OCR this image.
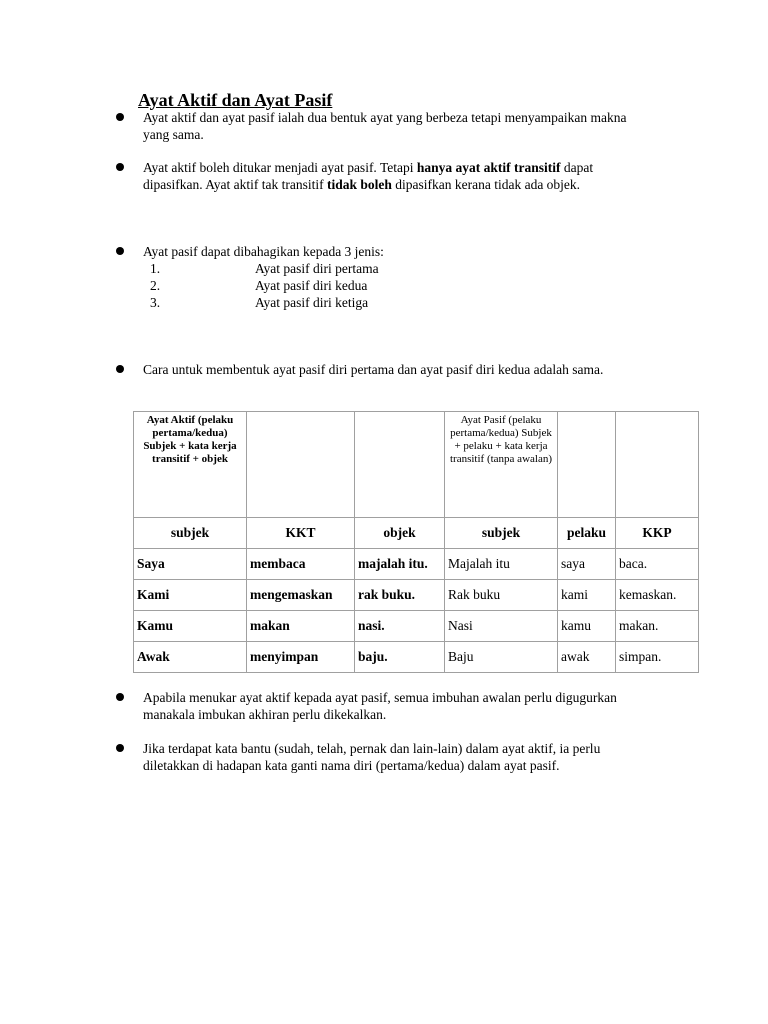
Ayat Aktif dan Ayat Pasif
Ayat aktif dan ayat pasif ialah dua bentuk ayat yang berbeza tetapi menyampaikan makna yang sama.
Ayat aktif boleh ditukar menjadi ayat pasif. Tetapi hanya ayat aktif transitif dapat dipasifkan. Ayat aktif tak transitif tidak boleh dipasifkan kerana tidak ada objek.
Ayat pasif dapat dibahagikan kepada 3 jenis:
1.	Ayat pasif diri pertama
2.	Ayat pasif diri kedua
3.	Ayat pasif diri ketiga
Cara untuk membentuk ayat pasif diri pertama dan ayat pasif diri kedua adalah sama.
Ayat Aktif (pelaku pertama/kedua) Subjek + kata kerja transitif + objek			Ayat Pasif (pelaku pertama/kedua) Subjek + pelaku + kata kerja transitif (tanpa awalan)		
subjek	KKT	objek	subjek	pelaku	KKP
Saya	membaca	majalah itu.	Majalah itu	saya	baca.
Kami	mengemaskan	rak buku.	Rak buku	kami	kemaskan.
Kamu	makan	nasi.	Nasi	kamu	makan.
Awak	menyimpan	baju.	Baju	awak	simpan.
Apabila menukar ayat aktif kepada ayat pasif, semua imbuhan awalan perlu digugurkan manakala imbukan akhiran perlu dikekalkan.
Jika terdapat kata bantu (sudah, telah, pernak dan lain-lain) dalam ayat aktif, ia perlu diletakkan di hadapan kata ganti nama diri (pertama/kedua) dalam ayat pasif.
